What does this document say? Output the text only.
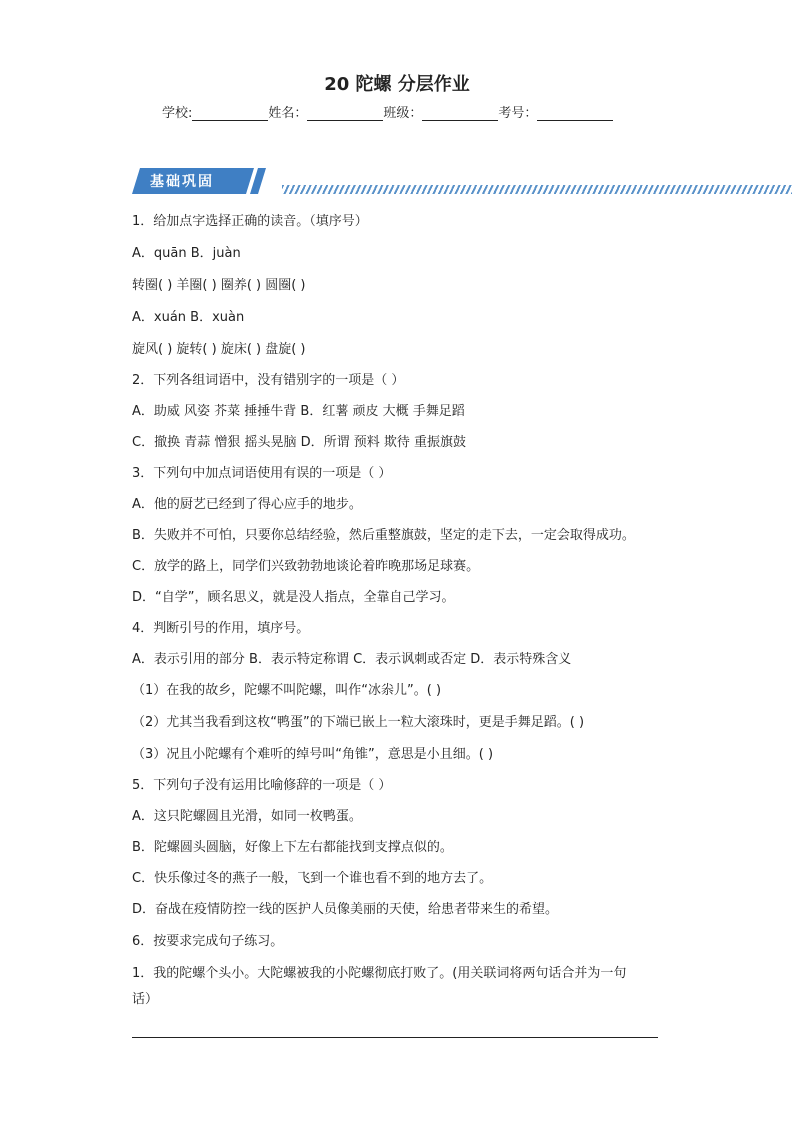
20 陀螺 分层作业
学校:	姓名：	班级：	考号：
基础巩固
1．给加点字选择正确的读音。（填序号）
A．quān B．juàn
转圈( ) 羊圈( ) 圈养( ) 圆圈( )
A．xuán B．xuàn
旋风( ) 旋转( ) 旋床( ) 盘旋( )
2．下列各组词语中，没有错别字的一项是（ ）
A．助威 风姿 芥菜 捶捶牛背 B．红薯 顽皮 大概 手舞足蹈
C．撤换 青蒜 憎狠 摇头晃脑 D．所谓 预料 欺待 重振旗鼓
3．下列句中加点词语使用有误的一项是（ ）
A．他的厨艺已经到了得心应手的地步。
B．失败并不可怕，只要你总结经验，然后重整旗鼓，坚定的走下去，一定会取得成功。
C．放学的路上，同学们兴致勃勃地谈论着昨晚那场足球赛。
D．“自学”，顾名思义，就是没人指点，全靠自己学习。
4．判断引号的作用，填序号。
A．表示引用的部分 B．表示特定称谓 C．表示讽刺或否定 D．表示特殊含义
（1）在我的故乡，陀螺不叫陀螺，叫作“冰尜儿”。( )
（2）尤其当我看到这枚“鸭蛋”的下端已嵌上一粒大滚珠时，更是手舞足蹈。( )
（3）况且小陀螺有个难听的绰号叫“角锥”，意思是小且细。( )
5．下列句子没有运用比喻修辞的一项是（ ）
A．这只陀螺圆且光滑，如同一枚鸭蛋。
B．陀螺圆头圆脑，好像上下左右都能找到支撑点似的。
C．快乐像过冬的燕子一般，飞到一个谁也看不到的地方去了。
D．奋战在疫情防控一线的医护人员像美丽的天使，给患者带来生的希望。
6．按要求完成句子练习。
1．我的陀螺个头小。大陀螺被我的小陀螺彻底打败了。(用关联词将两句话合并为一句
话）
